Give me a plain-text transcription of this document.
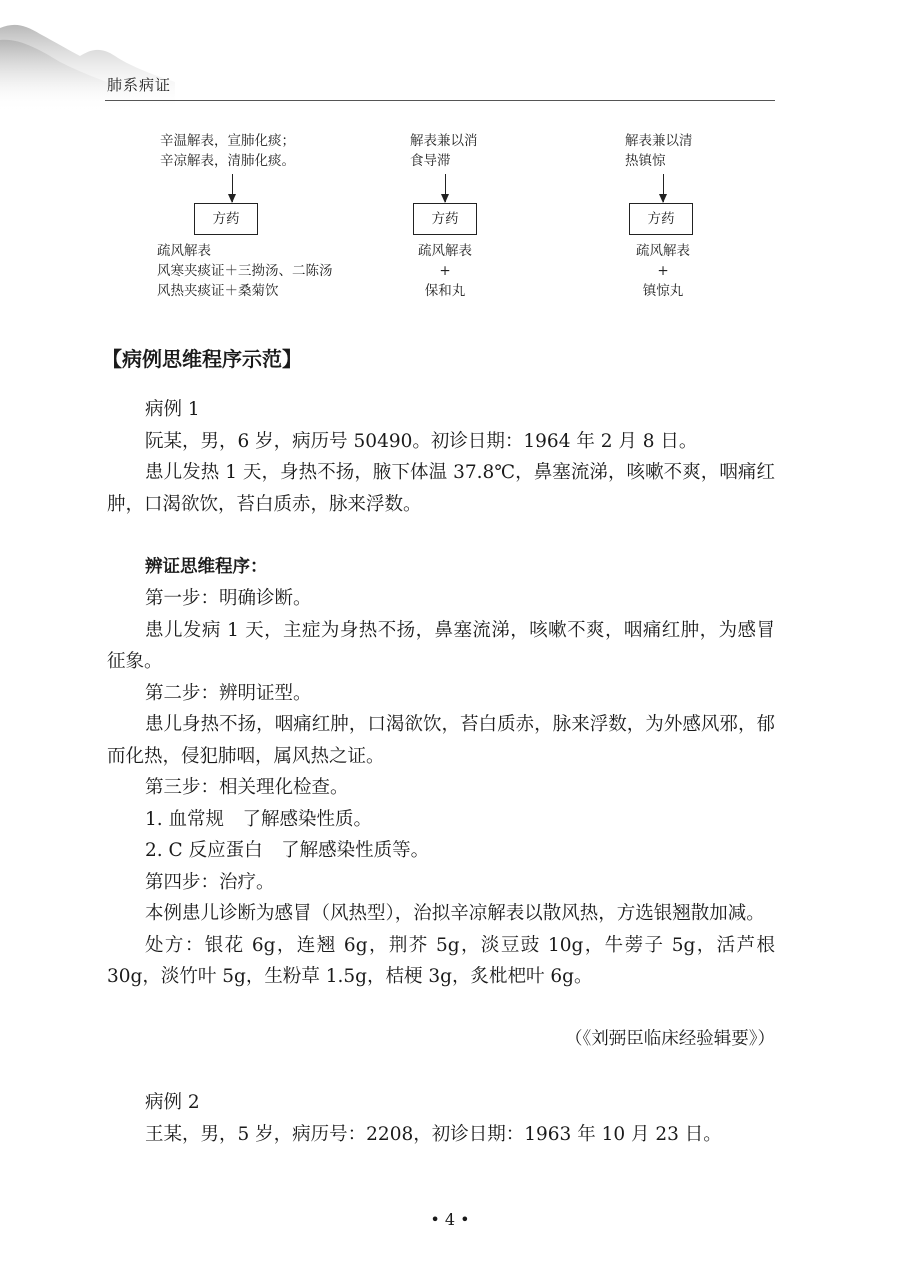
肺系病证
辛温解表，宣肺化痰；
辛凉解表，清肺化痰。
方药
疏风解表
风寒夹痰证＋三拗汤、二陈汤
风热夹痰证＋桑菊饮
解表兼以消
食导滞
方药
疏风解表
+
保和丸
解表兼以清
热镇惊
方药
疏风解表
+
镇惊丸
【病例思维程序示范】

病例 1

阮某，男，6 岁，病历号 50490。初诊日期：1964 年 2 月 8 日。

患儿发热 1 天，身热不扬，腋下体温 37.8℃，鼻塞流涕，咳嗽不爽，咽痛红肿，口渴欲饮，苔白质赤，脉来浮数。

辨证思维程序：

第一步：明确诊断。

患儿发病 1 天，主症为身热不扬，鼻塞流涕，咳嗽不爽，咽痛红肿，为感冒征象。

第二步：辨明证型。

患儿身热不扬，咽痛红肿，口渴欲饮，苔白质赤，脉来浮数，为外感风邪，郁而化热，侵犯肺咽，属风热之证。

第三步：相关理化检查。

1. 血常规　了解感染性质。

2. C 反应蛋白　了解感染性质等。

第四步：治疗。

本例患儿诊断为感冒（风热型），治拟辛凉解表以散风热，方选银翘散加减。

处方：银花 6g，连翘 6g，荆芥 5g，淡豆豉 10g，牛蒡子 5g，活芦根 30g，淡竹叶 5g，生粉草 1.5g，桔梗 3g，炙枇杷叶 6g。

（《刘弼臣临床经验辑要》）

病例 2

王某，男，5 岁，病历号：2208，初诊日期：1963 年 10 月 23 日。

• 4 •
